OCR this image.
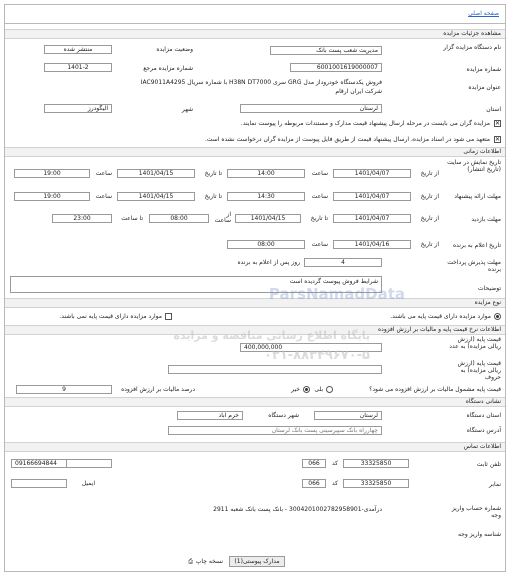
صفحه اصلی
مشاهده جزئیات مزایده
نام دستگاه مزایده گزار
مدیریت شعب پست بانک
وضعیت مزایده
منتشر شده
شماره مزایده
6001001619000007
شماره مزایده مرجع
1401-2
عنوان مزایده
فروش یکدستگاه خودروداز مدل GRG سری H38N DT7000 با شماره سریال IAC9011A4295 شرکت ایران ارقام
استان
لرستان
شهر
الیگودرز
✕
مزایده گران می بایست در مرحله ارسال پیشنهاد قیمت مدارک و مستندات مربوطه را پیوست نمایند.
✕
متعهد می شود در اسناد مزایده، ارسال پیشنهاد قیمت از طریق فایل پیوست از مزایده گران درخواست نشده است.
اطلاعات زمانی
تاریخ نمایش در سایت (تاریخ انتشار)
از تاریخ
1401/04/07
ساعت
14:00
تا تاریخ
1401/04/15
ساعت
19:00
مهلت ارائه پیشنهاد
از تاریخ
1401/04/07
ساعت
14:30
تا تاریخ
1401/04/15
ساعت
19:00
مهلت بازدید
از تاریخ
1401/04/07
تا تاریخ
1401/04/15
از ساعت
08:00
تا ساعت
23:00
تاریخ اعلام به برنده
از تاریخ
1401/04/16
ساعت
08:00
مهلت پذیرش پرداخت برنده
4
روز پس از اعلام به برنده
توضیحات
شرایط فروش پیوست گردیده است
نوع مزایده
موارد مزایده دارای قیمت پایه می باشند.
موارد مزایده دارای قیمت پایه نمی باشند.
اطلاعات نرخ قیمت پایه و مالیات بر ارزش افزوده
قیمت پایه (ارزش ریالی مزایده) به عدد
400,000,000
قیمت پایه (ارزش ریالی مزایده) به حروف
قیمت پایه مشمول مالیات بر ارزش افزوده می شود؟
بلی
خیر
درصد مالیات بر ارزش افزوده
9
نشانی دستگاه
استان دستگاه
لرستان
شهر دستگاه
خرم آباد
آدرس دستگاه
چهارراه بانک سپیرسینی پست بانک لرستان
اطلاعات تماس
تلفن ثابت
33325850
کد
066
09166694844
نمابر
33325850
کد
066
ایمیل
شماره حساب واریز وجه
درآمدی-3004201002782958901 - بانک پست بانک شعبه 2911
شناسه واریز وجه
مدارک پیوستی(1)
نسخه چاپ
⎙
ParsNamadData
پایگاه اطلاع رسانی مناقصه و مزایده
۰۲۱-۸۸۳۴۹۶۷۰-۵
